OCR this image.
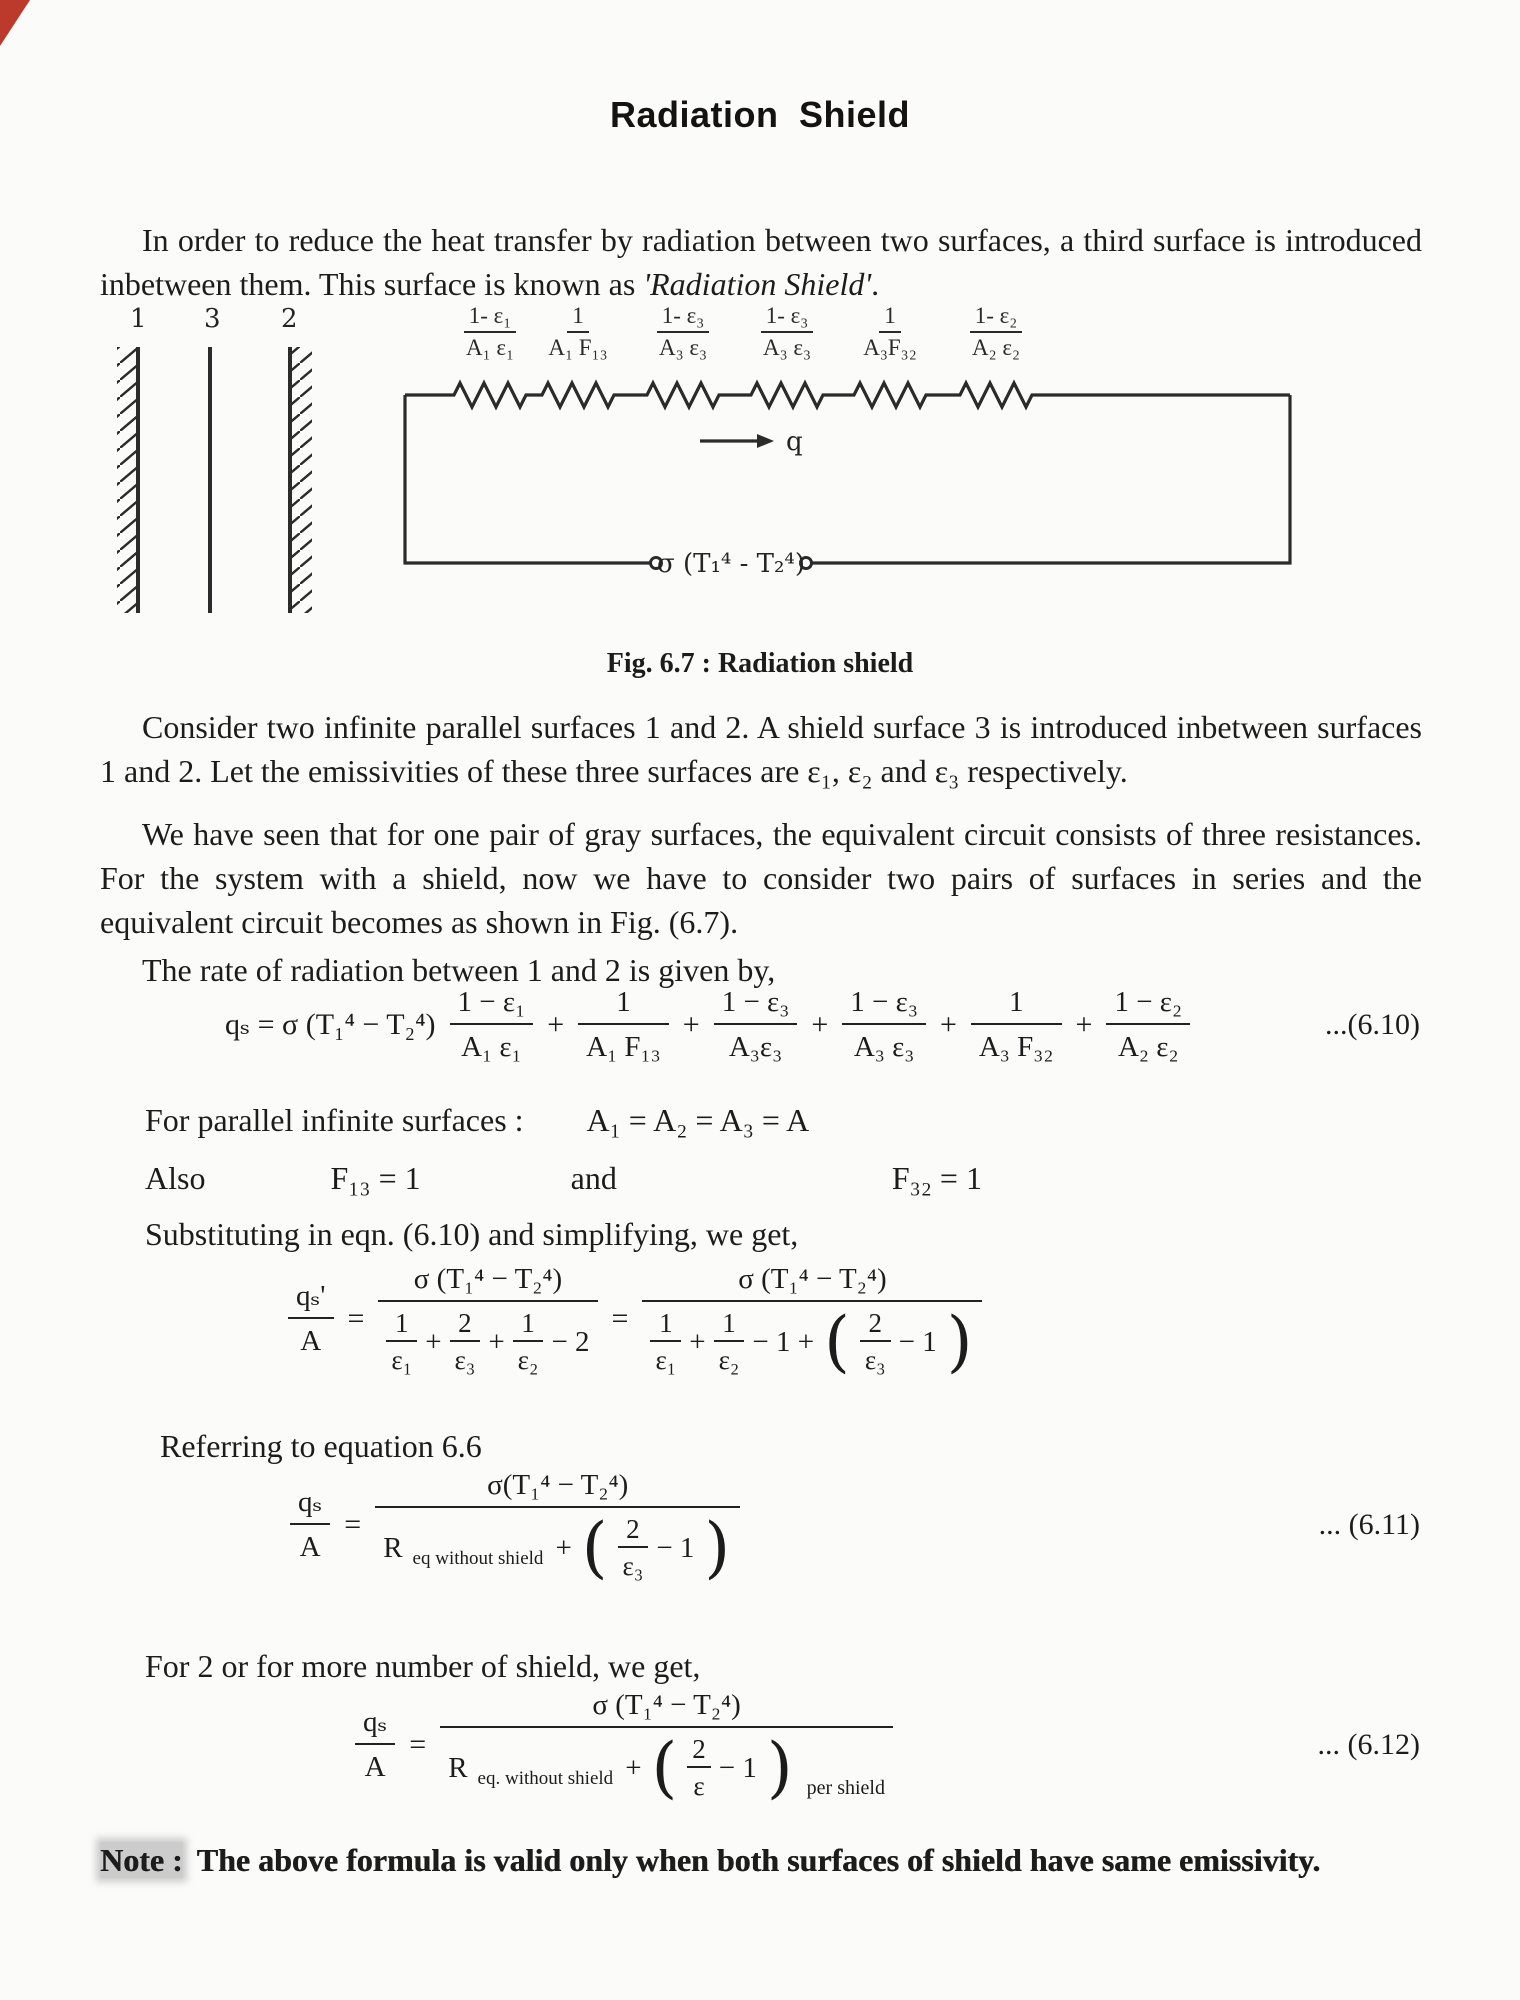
Radiation Shield
In order to reduce the heat transfer by radiation between two surfaces, a third surface is introduced inbetween them. This surface is known as 'Radiation Shield'.
1 3 2
q
σ (T₁⁴ - T₂⁴)
$\frac{\text{1- ε₁}}{\text{A₁ ε₁}}$
$\frac{1}{\text{A₁ F₁₃}}$
$\frac{\text{1- ε₃}}{\text{A₃ ε₃}}$
$\frac{\text{1- ε₃}}{\text{A₃ ε₃}}$
$\frac{1}{\text{A₃F₃₂}}$
$\frac{\text{1- ε₂}}{\text{A₂ ε₂}}$
Fig. 6.7 : Radiation shield
Consider two infinite parallel surfaces 1 and 2. A shield surface 3 is introduced inbetween surfaces 1 and 2. Let the emissivities of these three surfaces are ε₁, ε₂ and ε₃ respectively.
We have seen that for one pair of gray surfaces, the equivalent circuit consists of three resistances. For the system with a shield, now we have to consider two pairs of surfaces in series and the equivalent circuit becomes as shown in Fig. (6.7).
The rate of radiation between 1 and 2 is given by,
qₛ = σ $(T_1^4 - T_2^4) \frac{\text{1 − ε₁}}{\text{A₁ ε₁}} + \frac{1}{\text{A₁ F₁₃}} + \frac{\text{1 − ε₃}}{\text{A₃ε₃}} + \frac{\text{1 − ε₃}}{\text{A₃ ε₃}} + \frac{1}{\text{A₃ F₃₂}} + \frac{\text{1 − ε₂}}{\text{A₂ ε₂}}$	...(6.10)
For parallel infinite surfaces : A₁ = A₂ = A₃ = A
Also	F₁₃ = 1	and	F₃₂ = 1
Substituting in eqn. (6.10) and simplifying, we get,
$\frac{\text{qₛ'}}{A}$ =
σ (T₁⁴ − T₂⁴)
$\frac{1}{\text{ε₁}} + \frac{2}{\text{ε₃}} + \frac{1}{\text{ε₂}} - 2$
=
σ (T₁⁴ − T₂⁴)
$\frac{1}{\text{ε₁}} + \frac{1}{\text{ε₂}} - 1$ + ( $\frac{2}{\text{ε₃}} - 1$ )
Referring to equation 6.6
$\frac{\text{qₛ}}{A}$ =
σ(T₁⁴ − T₂⁴)
R eq without shield + ( $\frac{2}{\text{ε₃}} - 1$ )	... (6.11)
For 2 or for more number of shield, we get,
$\frac{\text{qₛ}}{A}$ =
σ (T₁⁴ − T₂⁴)
R eq. without shield + ( $\frac{2}{\varepsilon} - 1$ ) per shield
... (6.12)
Note : The above formula is valid only when both surfaces of shield have same emissivity.
